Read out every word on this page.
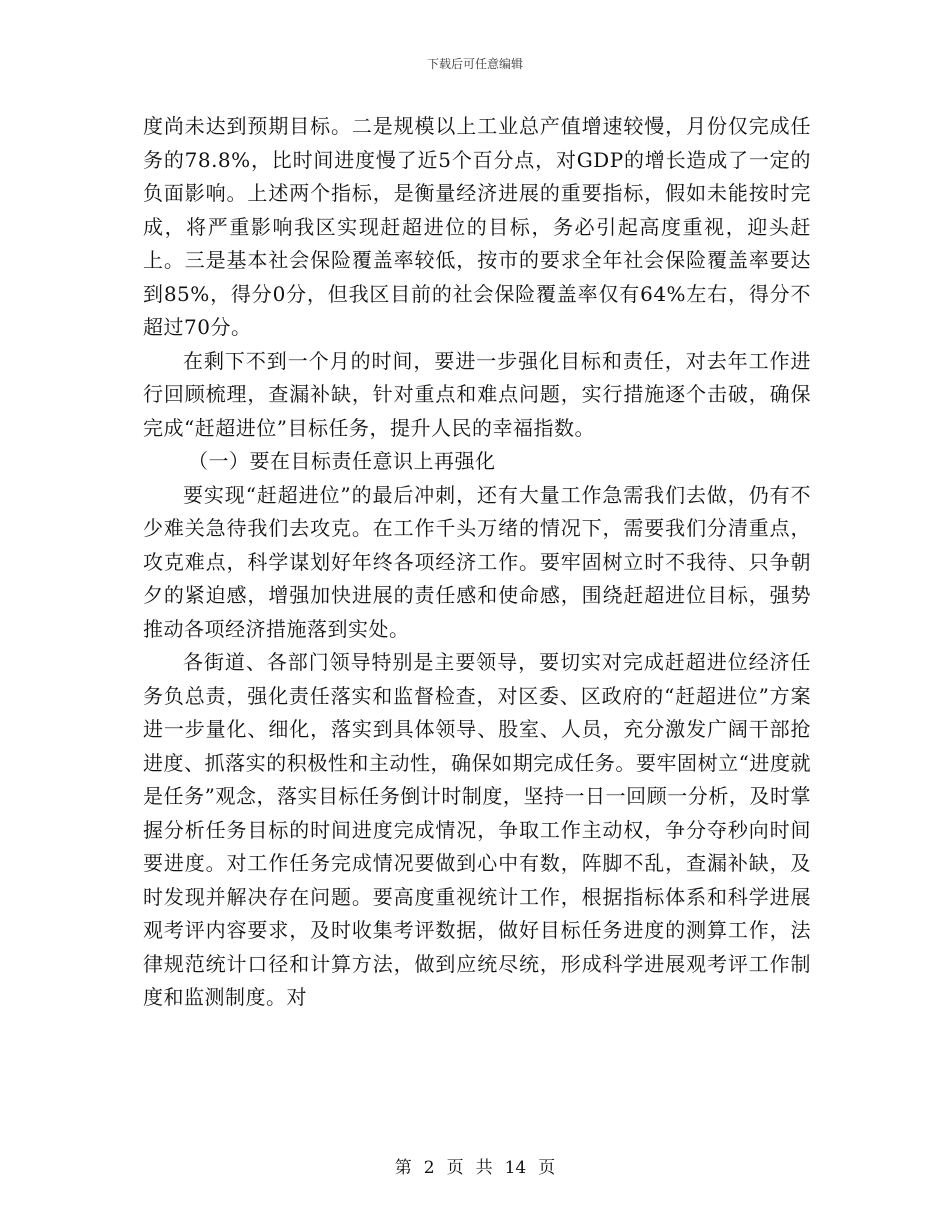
下载后可任意编辑

度尚未达到预期目标。二是规模以上工业总产值增速较慢，月份仅完成任务的78.8%，比时间进度慢了近5个百分点，对GDP的增长造成了一定的负面影响。上述两个指标，是衡量经济进展的重要指标，假如未能按时完成，将严重影响我区实现赶超进位的目标，务必引起高度重视，迎头赶上。三是基本社会保险覆盖率较低，按市的要求全年社会保险覆盖率要达到85%，得分0分，但我区目前的社会保险覆盖率仅有64%左右，得分不超过70分。

在剩下不到一个月的时间，要进一步强化目标和责任，对去年工作进行回顾梳理，查漏补缺，针对重点和难点问题，实行措施逐个击破，确保完成“赶超进位”目标任务，提升人民的幸福指数。

（一）要在目标责任意识上再强化

要实现“赶超进位”的最后冲刺，还有大量工作急需我们去做，仍有不少难关急待我们去攻克。在工作千头万绪的情况下，需要我们分清重点，攻克难点，科学谋划好年终各项经济工作。要牢固树立时不我待、只争朝夕的紧迫感，增强加快进展的责任感和使命感，围绕赶超进位目标，强势推动各项经济措施落到实处。

各街道、各部门领导特别是主要领导，要切实对完成赶超进位经济任务负总责，强化责任落实和监督检查，对区委、区政府的“赶超进位”方案进一步量化、细化，落实到具体领导、股室、人员，充分激发广阔干部抢进度、抓落实的积极性和主动性，确保如期完成任务。要牢固树立“进度就是任务”观念，落实目标任务倒计时制度，坚持一日一回顾一分析，及时掌握分析任务目标的时间进度完成情况，争取工作主动权，争分夺秒向时间要进度。对工作任务完成情况要做到心中有数，阵脚不乱，查漏补缺，及时发现并解决存在问题。要高度重视统计工作，根据指标体系和科学进展观考评内容要求，及时收集考评数据，做好目标任务进度的测算工作，法律规范统计口径和计算方法，做到应统尽统，形成科学进展观考评工作制度和监测制度。对

第 2 页 共 14 页
